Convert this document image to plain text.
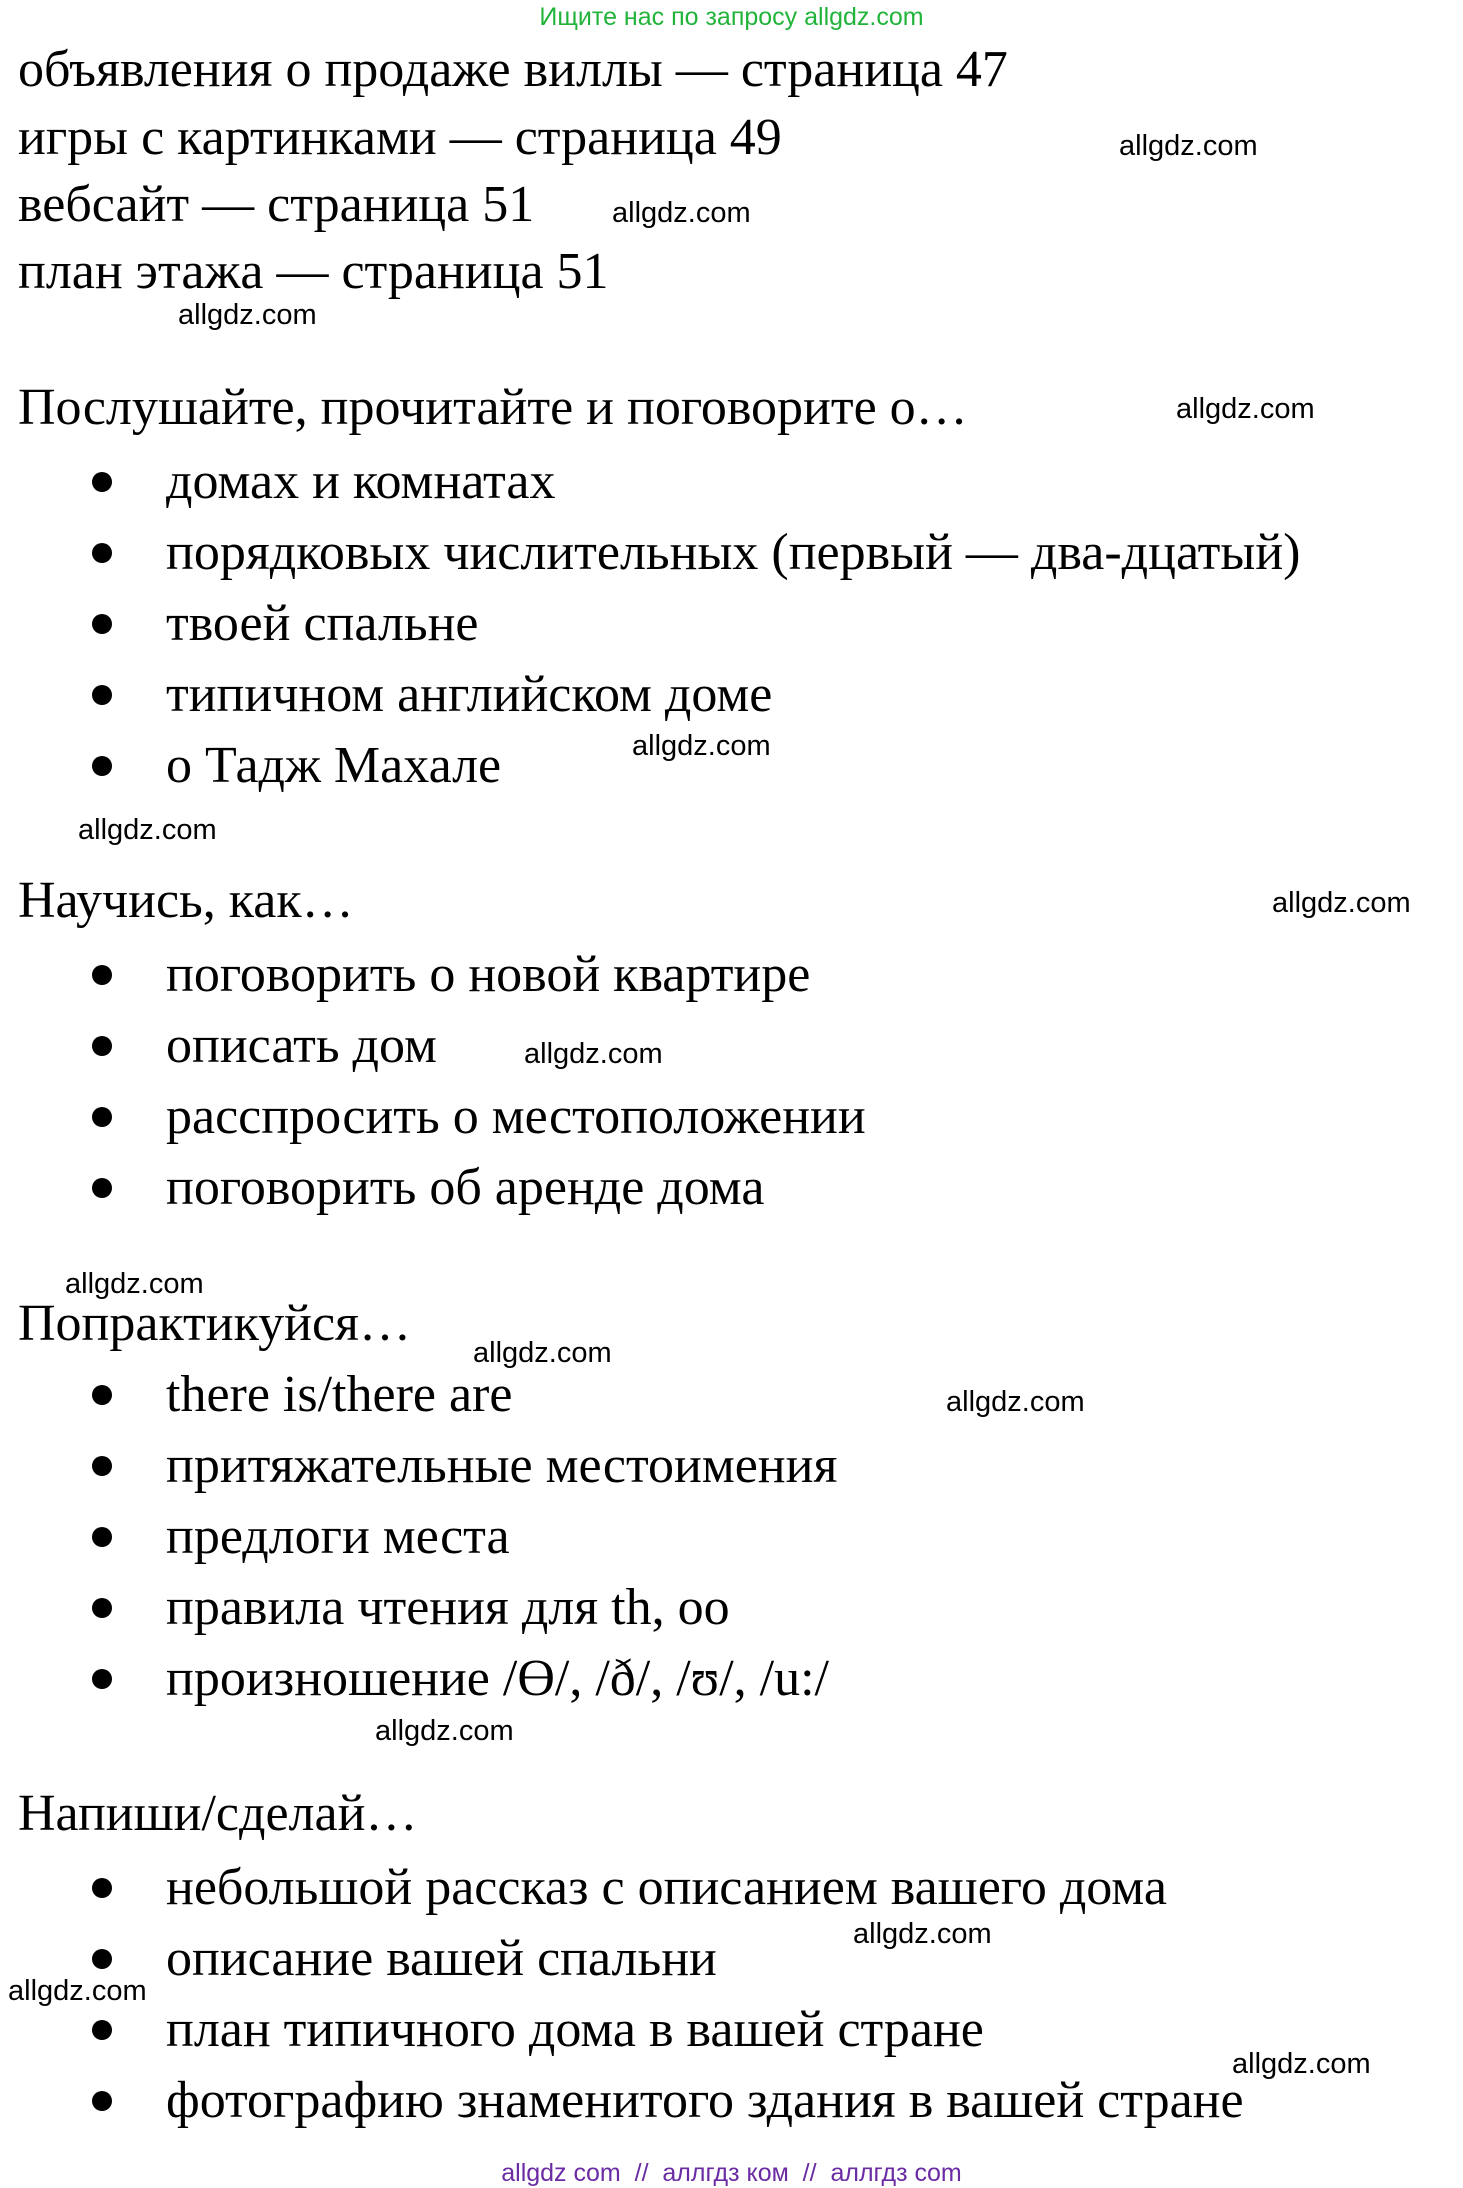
Ищите нас по запросу allgdz.com
объявления о продаже виллы — страница 47
игры с картинками — страница 49
вебсайт — страница 51
план этажа — страница 51
Послушайте, прочитайте и поговорите о…
домах и комнатах
порядковых числительных (первый — два-дцатый)
твоей спальне
типичном английском доме
о Тадж Махале
Научись, как…
поговорить о новой квартире
описать дом
расспросить о местоположении
поговорить об аренде дома
Попрактикуйся…
there is/there are
притяжательные местоимения
предлоги места
правила чтения для th, oo
произношение /Ɵ/, /ð/, /ʊ/, /u:/
Напиши/сделай…
небольшой рассказ с описанием вашего дома
описание вашей спальни
план типичного дома в вашей стране
фотографию знаменитого здания в вашей стране
allgdz.com
allgdz.com
allgdz.com
allgdz.com
allgdz.com
allgdz.com
allgdz.com
allgdz.com
allgdz.com
allgdz.com
allgdz.com
allgdz.com
allgdz.com
allgdz.com
allgdz.com
allgdz com  //  аллгдз ком  //  аллгдз com
